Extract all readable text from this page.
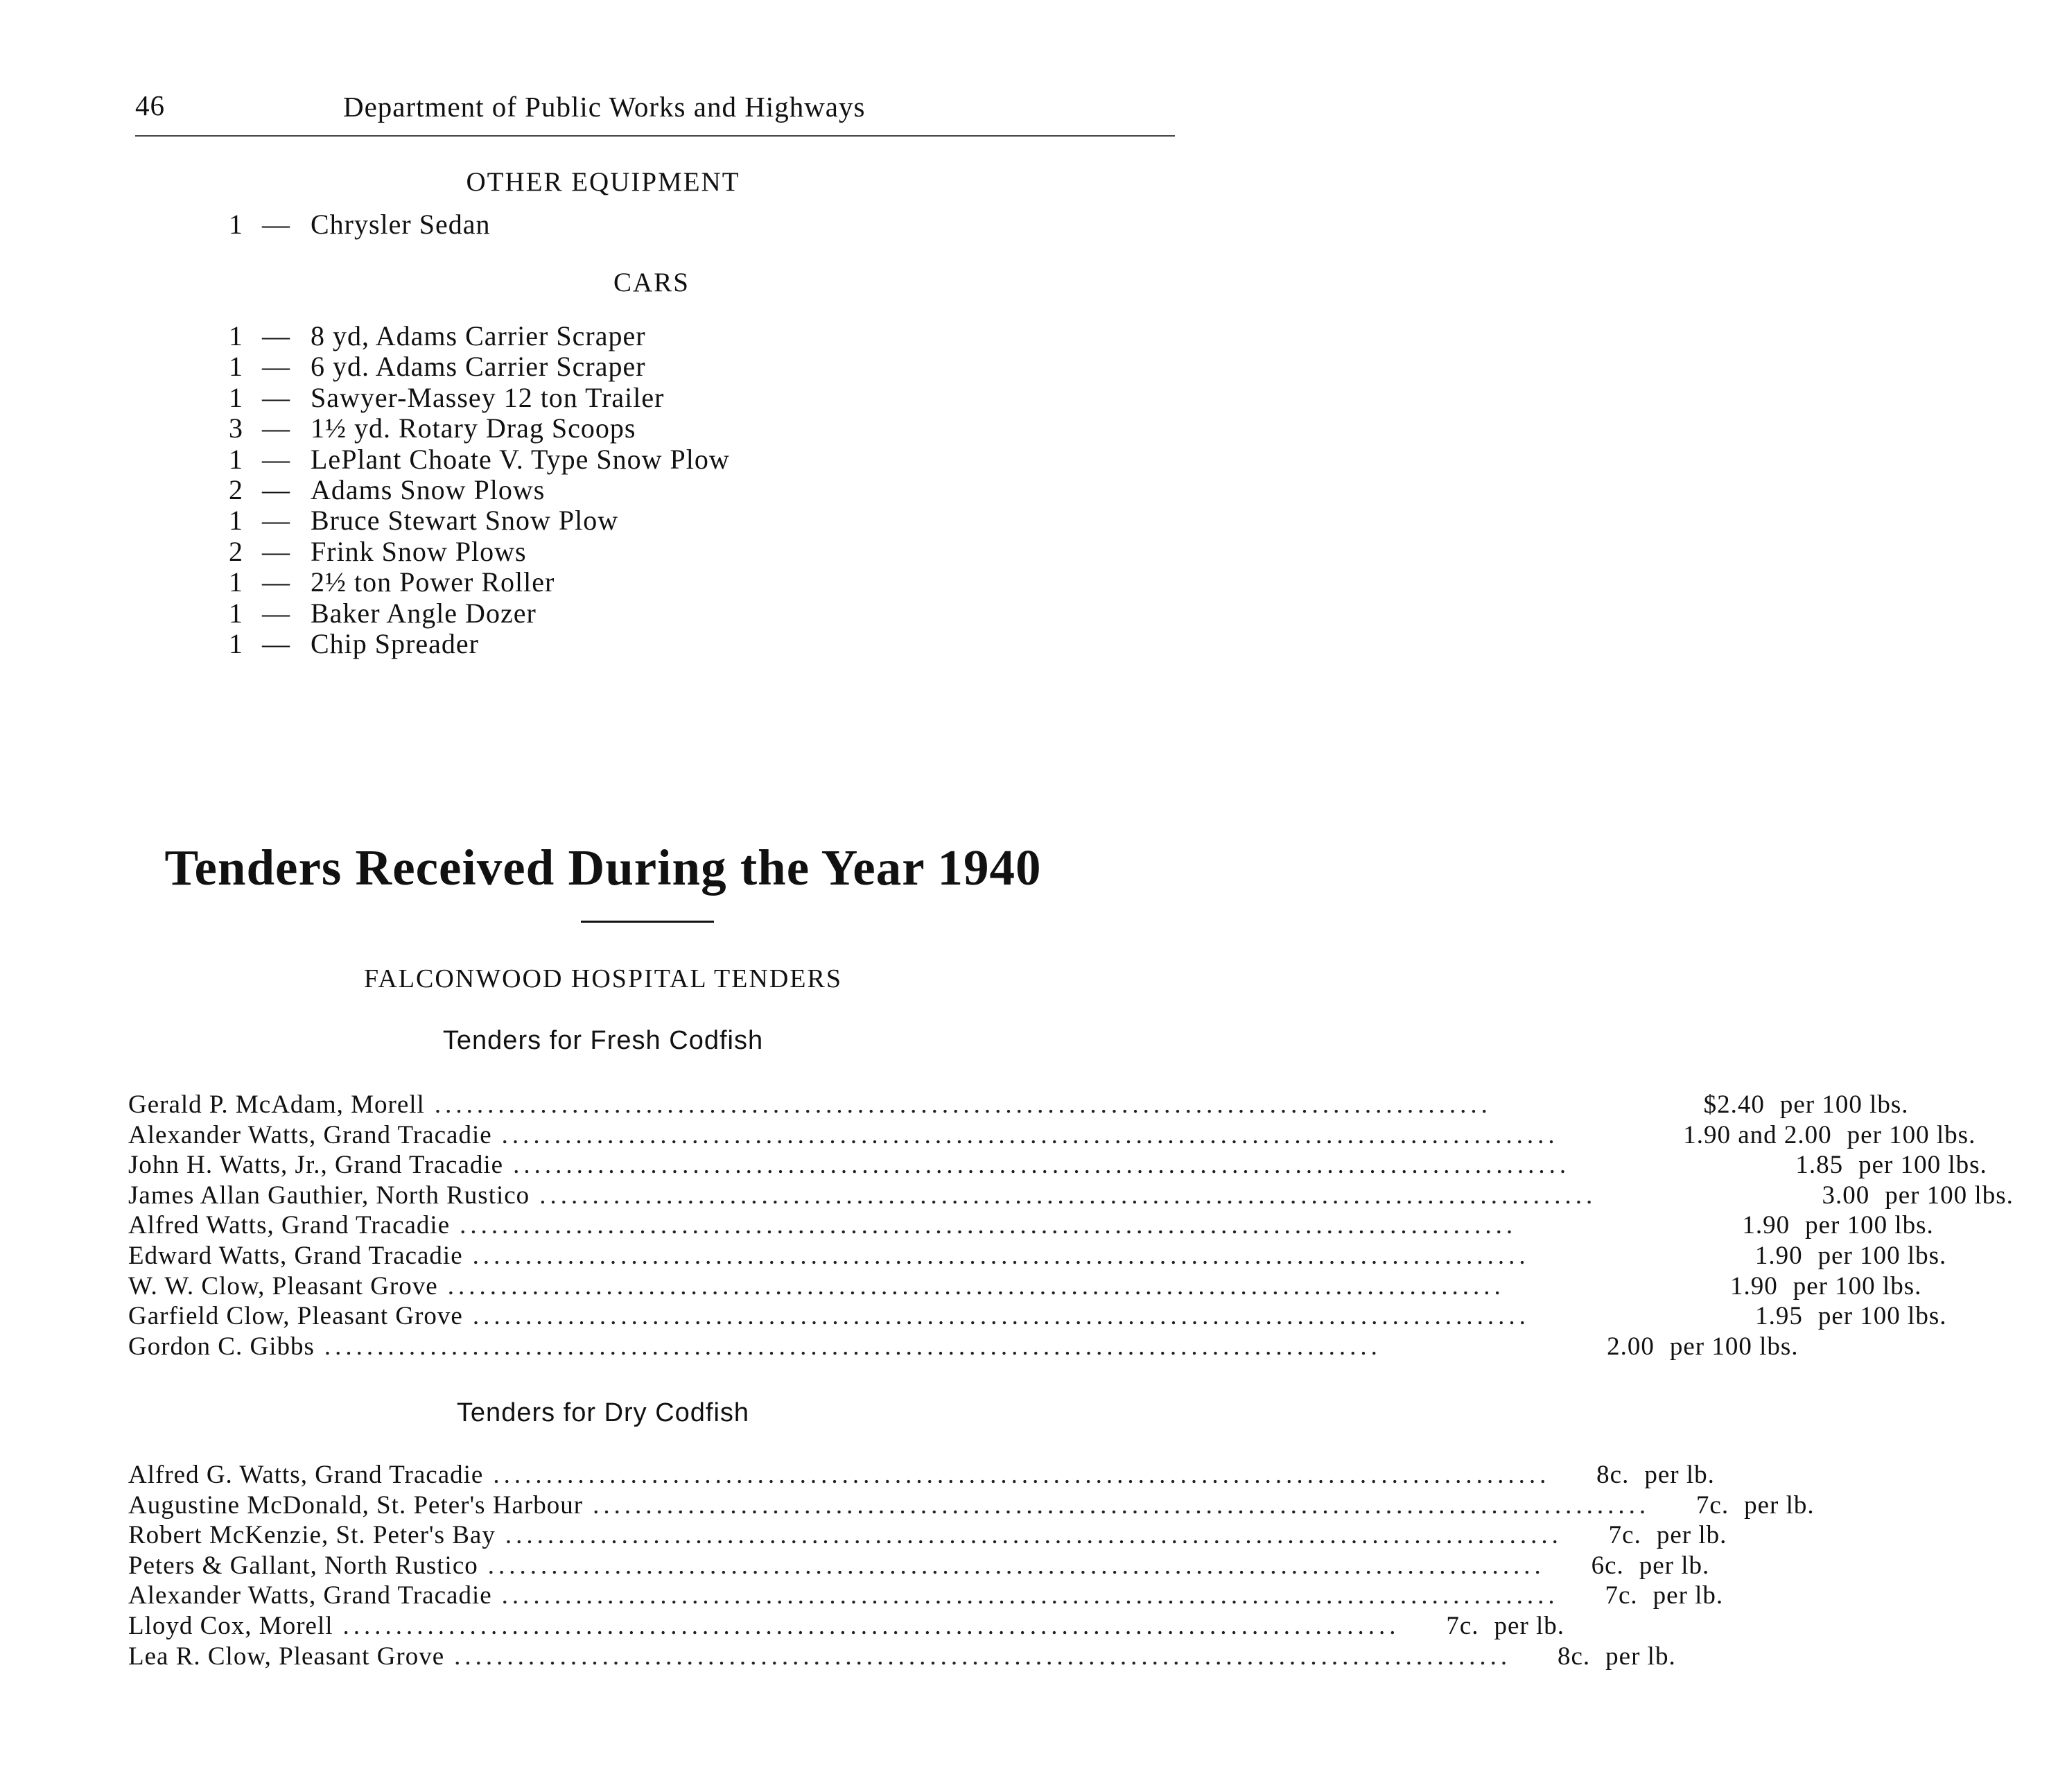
46	Department of Public Works and Highways
OTHER EQUIPMENT
1 — Chrysler Sedan
CARS
1 — 8 yd, Adams Carrier Scraper
1 — 6 yd. Adams Carrier Scraper
1 — Sawyer-Massey 12 ton Trailer
3 — 1½ yd. Rotary Drag Scoops
1 — LePlant Choate V. Type Snow Plow
2 — Adams Snow Plows
1 — Bruce Stewart Snow Plow
2 — Frink Snow Plows
1 — 2½ ton Power Roller
1 — Baker Angle Dozer
1 — Chip Spreader
Tenders Received During the Year 1940
FALCONWOOD HOSPITAL TENDERS
Tenders for Fresh Codfish
Gerald P. McAdam, Morell ....................................................................................................	$2.40 per 100 lbs.
Alexander Watts, Grand Tracadie ....................................................................................................	1.90 and 2.00 per 100 lbs.
John H. Watts, Jr., Grand Tracadie ....................................................................................................	1.85 per 100 lbs.
James Allan Gauthier, North Rustico ....................................................................................................	3.00 per 100 lbs.
Alfred Watts, Grand Tracadie ....................................................................................................	1.90 per 100 lbs.
Edward Watts, Grand Tracadie ....................................................................................................	1.90 per 100 lbs.
W. W. Clow, Pleasant Grove ....................................................................................................	1.90 per 100 lbs.
Garfield Clow, Pleasant Grove ....................................................................................................	1.95 per 100 lbs.
Gordon C. Gibbs ....................................................................................................	2.00 per 100 lbs.
Tenders for Dry Codfish
Alfred G. Watts, Grand Tracadie ....................................................................................................	8c. per lb.
Augustine McDonald, St. Peter's Harbour ....................................................................................................	7c. per lb.
Robert McKenzie, St. Peter's Bay ....................................................................................................	7c. per lb.
Peters & Gallant, North Rustico ....................................................................................................	6c. per lb.
Alexander Watts, Grand Tracadie ....................................................................................................	7c. per lb.
Lloyd Cox, Morell ....................................................................................................	7c. per lb.
Lea R. Clow, Pleasant Grove ....................................................................................................	8c. per lb.
